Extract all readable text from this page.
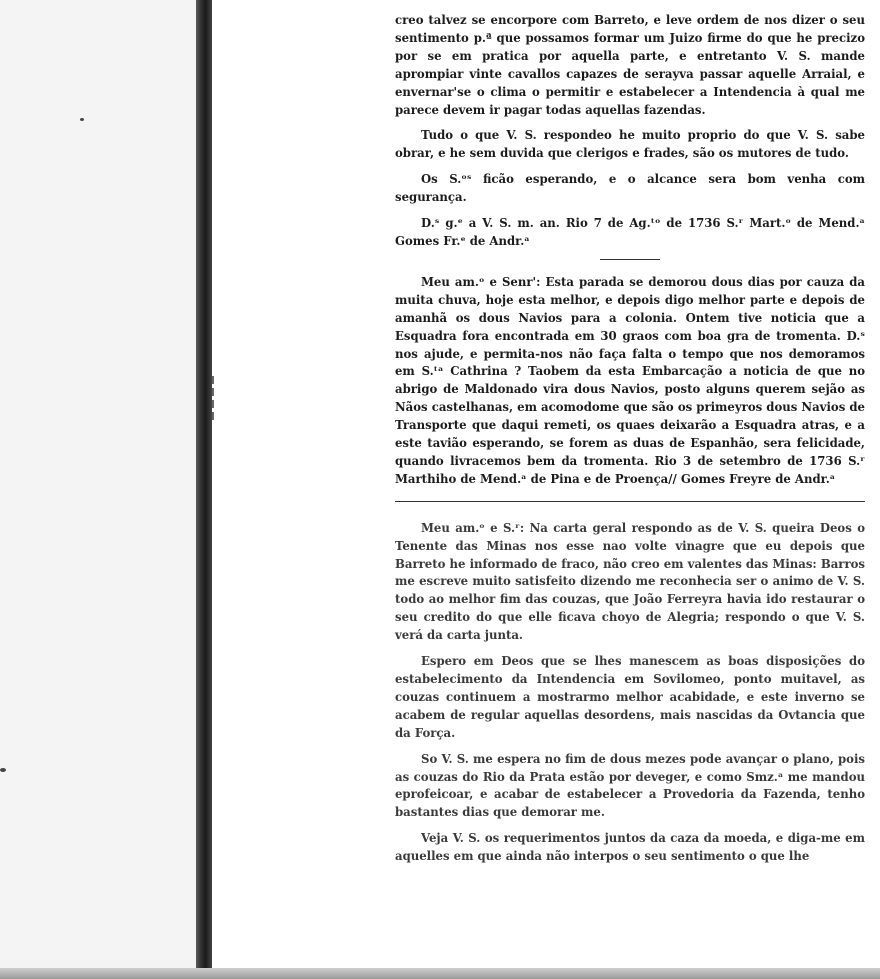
creo talvez se encorpore com Barreto, e leve ordem de nos dizer o seu sentimento p.ª que possamos formar um Juizo firme do que he precizo por se em pratica por aquella parte, e entretanto V. S. mande aprompiar vinte cavallos capazes de serayva passar aquelle Arraial, e envernar'se o clima o permitir e estabelecer a Intendencia à qual me parece devem ir pagar todas aquellas fazendas.

Tudo o que V. S. respondeo he muito proprio do que V. S. sabe obrar, e he sem duvida que clerigos e frades, são os mutores de tudo.

Os S.ᵒˢ ficão esperando, e o alcance sera bom venha com segurança.

D.ˢ g.ᵉ a V. S. m. an. Rio 7 de Ag.ᵗᵒ de 1736 S.ʳ Mart.ᵒ de Mend.ᵃ Gomes Fr.ᵉ de Andr.ᵃ

Meu am.ᵒ e Senr': Esta parada se demorou dous dias por cauza da muita chuva, hoje esta melhor, e depois digo melhor parte e depois de amanhã os dous Navios para a colonia. Ontem tive noticia que a Esquadra fora encontrada em 30 graos com boa gra de tromenta. D.ˢ nos ajude, e permita-nos não faça falta o tempo que nos demoramos em S.ᵗᵃ Cathrina ? Taobem da esta Embarcação a noticia de que no abrigo de Maldonado vira dous Navios, posto alguns querem sejão as Nãos castelhanas, em acomodome que são os primeyros dous Navios de Transporte que daqui remeti, os quaes deixarão a Esquadra atras, e a este tavião esperando, se forem as duas de Espanhão, sera felicidade, quando livracemos bem da tromenta. Rio 3 de setembro de 1736 S.ʳ Marthiho de Mend.ᵃ de Pina e de Proença// Gomes Freyre de Andr.ᵃ

Meu am.ᵒ e S.ʳ: Na carta geral respondo as de V. S. queira Deos o Tenente das Minas nos esse nao volte vinagre que eu depois que Barreto he informado de fraco, não creo em valentes das Minas: Barros me escreve muito satisfeito dizendo me reconhecia ser o animo de V. S. todo ao melhor fim das couzas, que João Ferreyra havia ido restaurar o seu credito do que elle ficava choyo de Alegria; respondo o que V. S. verá da carta junta.

Espero em Deos que se lhes manescem as boas disposições do estabelecimento da Intendencia em Sovilomeo, ponto muitavel, as couzas continuem a mostrarmo melhor acabidade, e este inverno se acabem de regular aquellas desordens, mais nascidas da Ovtancia que da Força.

So V. S. me espera no fim de dous mezes pode avançar o plano, pois as couzas do Rio da Prata estão por deveger, e como Smz.ᵃ me mandou eprofeicoar, e acabar de estabelecer a Provedoria da Fazenda, tenho bastantes dias que demorar me.

Veja V. S. os requerimentos juntos da caza da moeda, e diga-me em aquelles em que ainda não interpos o seu sentimento o que lhe
